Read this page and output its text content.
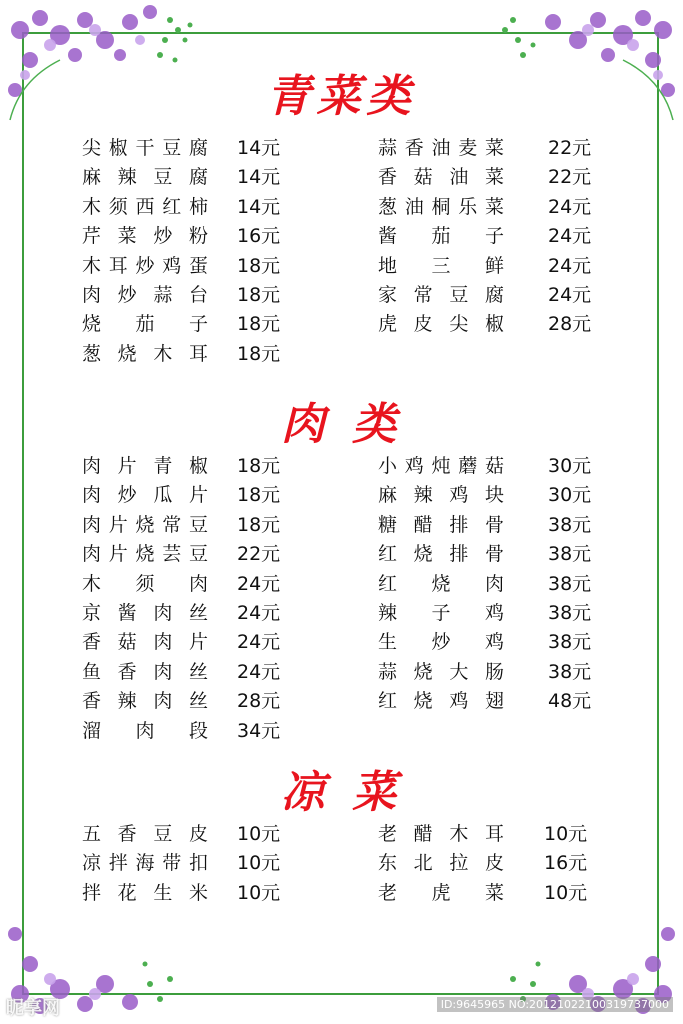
青菜类
尖 椒 干 豆 腐 14元
麻 辣 豆 腐 14元
木 须 西 红 柿 14元
芹 菜 炒 粉 16元
木 耳 炒 鸡 蛋 18元
肉 炒 蒜 台 18元
烧 茄 子 18元
葱 烧 木 耳 18元
蒜 香 油 麦 菜 22元
香 菇 油 菜 22元
葱 油 桐 乐 菜 24元
酱 茄 子 24元
地 三 鲜 24元
家 常 豆 腐 24元
虎 皮 尖 椒 28元
肉 类
肉 片 青 椒 18元
肉 炒 瓜 片 18元
肉 片 烧 常 豆 18元
肉 片 烧 芸 豆 22元
木 须 肉 24元
京 酱 肉 丝 24元
香 菇 肉 片 24元
鱼 香 肉 丝 24元
香 辣 肉 丝 28元
溜 肉 段 34元
小 鸡 炖 蘑 菇 30元
麻 辣 鸡 块 30元
糖 醋 排 骨 38元
红 烧 排 骨 38元
红 烧 肉 38元
辣 子 鸡 38元
生 炒 鸡 38元
蒜 烧 大 肠 38元
红 烧 鸡 翅 48元
凉 菜
五 香 豆 皮 10元
凉 拌 海 带 扣 10元
拌 花 生 米 10元
老 醋 木 耳 10元
东 北 拉 皮 16元
老 虎 菜 10元
昵享网	ID:9645965 NO:20121022100319737000
